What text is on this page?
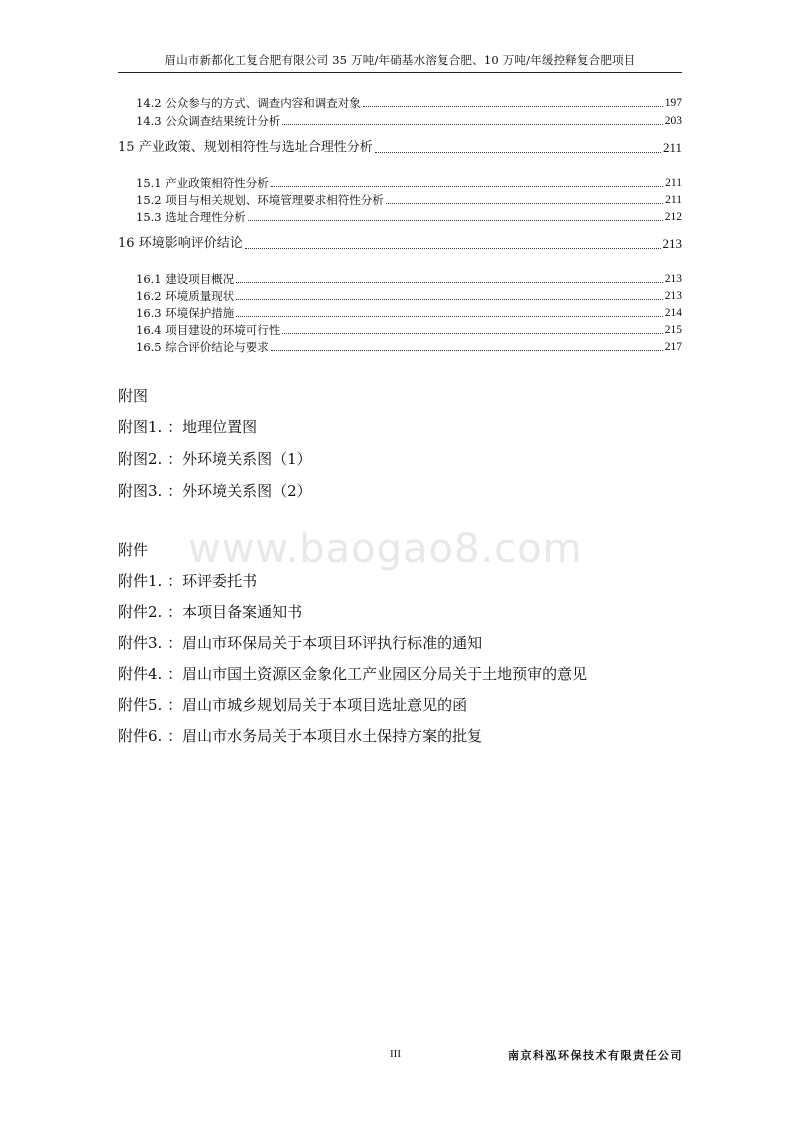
眉山市新都化工复合肥有限公司 35 万吨/年硝基水溶复合肥、10 万吨/年缓控释复合肥项目
14.2 公众参与的方式、调查内容和调查对象	197
14.3 公众调查结果统计分析	203
15 产业政策、规划相符性与选址合理性分析	211
15.1 产业政策相符性分析	211
15.2 项目与相关规划、环境管理要求相符性分析	211
15.3 选址合理性分析	212
16 环境影响评价结论	213
16.1 建设项目概况	213
16.2 环境质量现状	213
16.3 环境保护措施	214
16.4 项目建设的环境可行性	215
16.5 综合评价结论与要求	217
附图
附图1. ：地理位置图
附图2. ：外环境关系图（1）
附图3. ：外环境关系图（2）
www.baogao8.com
附件
附件1. ：环评委托书
附件2. ：本项目备案通知书
附件3. ：眉山市环保局关于本项目环评执行标准的通知
附件4. ：眉山市国土资源区金象化工产业园区分局关于土地预审的意见
附件5. ：眉山市城乡规划局关于本项目选址意见的函
附件6. ：眉山市水务局关于本项目水土保持方案的批复
III	南京科泓环保技术有限责任公司
